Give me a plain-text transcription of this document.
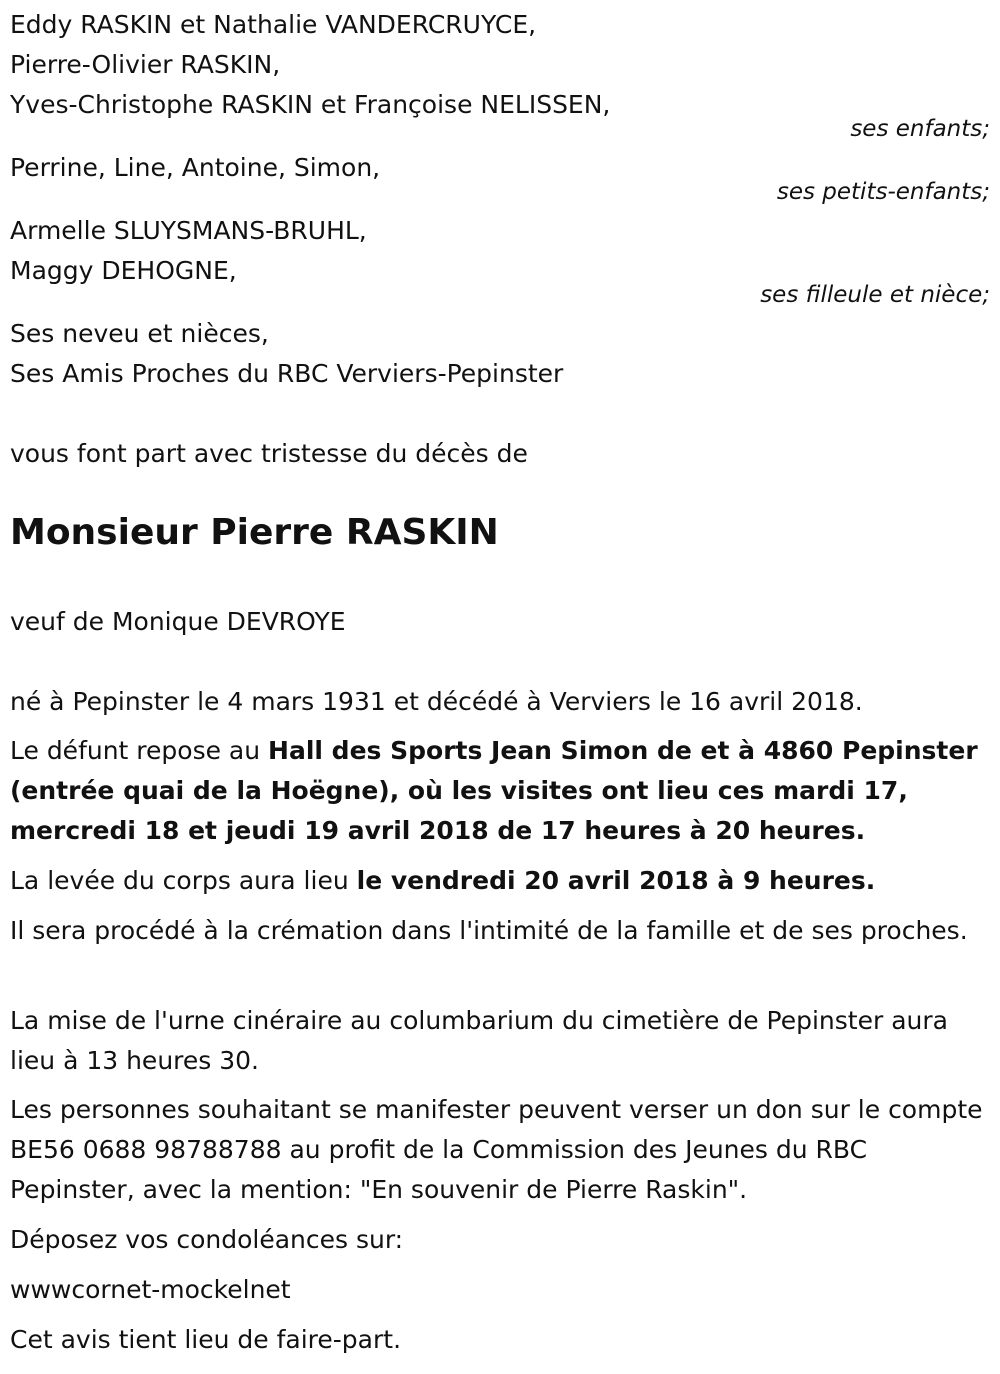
Eddy RASKIN et Nathalie VANDERCRUYCE,
Pierre-Olivier RASKIN,
Yves-Christophe RASKIN et Françoise NELISSEN,
ses enfants;
Perrine, Line, Antoine, Simon,
ses petits-enfants;
Armelle SLUYSMANS-BRUHL,
Maggy DEHOGNE,
ses filleule et nièce;
Ses neveu et nièces,
Ses Amis Proches du RBC Verviers-Pepinster
vous font part avec tristesse du décès de
Monsieur Pierre RASKIN
veuf de Monique DEVROYE
né à Pepinster le 4 mars 1931 et décédé à Verviers le 16 avril 2018.
Le défunt repose au Hall des Sports Jean Simon de et à 4860 Pepinster (entrée quai de la Hoëgne), où les visites ont lieu ces mardi 17, mercredi 18 et jeudi 19 avril 2018 de 17 heures à 20 heures.
La levée du corps aura lieu le vendredi 20 avril 2018 à 9 heures.
Il sera procédé à la crémation dans l'intimité de la famille et de ses proches.
La mise de l'urne cinéraire au columbarium du cimetière de Pepinster aura lieu à 13 heures 30.
Les personnes souhaitant se manifester peuvent verser un don sur le compte BE56 0688 98788788 au profit de la Commission des Jeunes du RBC Pepinster, avec la mention: "En souvenir de Pierre Raskin".
Déposez vos condoléances sur:
wwwcornet-mockelnet
Cet avis tient lieu de faire-part.
